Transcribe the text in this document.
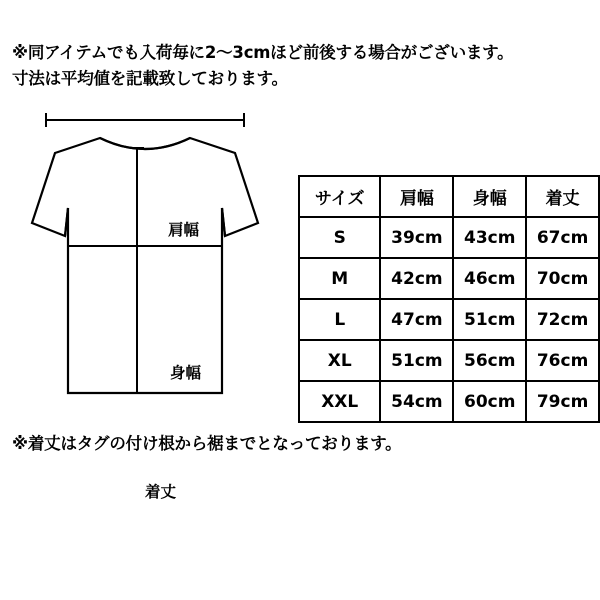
※同アイテムでも入荷毎に2～3cmほど前後する場合がございます。
寸法は平均値を記載致しております。
肩幅
身幅
着丈
サイズ	肩幅	身幅	着丈
S	39cm	43cm	67cm
M	42cm	46cm	70cm
L	47cm	51cm	72cm
XL	51cm	56cm	76cm
XXL	54cm	60cm	79cm
※着丈はタグの付け根から裾までとなっております。
